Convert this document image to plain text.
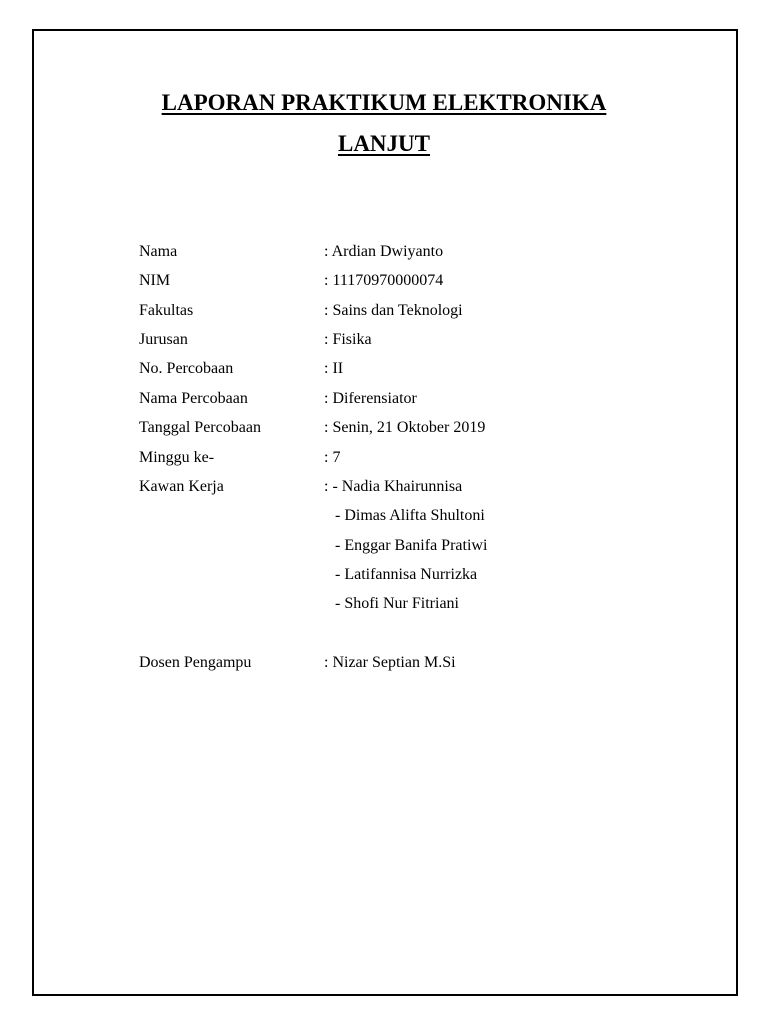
LAPORAN PRAKTIKUM ELEKTRONIKA
LANJUT
Nama	: Ardian Dwiyanto
NIM	: 11170970000074
Fakultas	: Sains dan Teknologi
Jurusan	: Fisika
No. Percobaan	: II
Nama Percobaan	: Diferensiator
Tanggal Percobaan	: Senin, 21 Oktober 2019
Minggu ke-	: 7
Kawan Kerja	: - Nadia Khairunnisa
- Dimas Alifta Shultoni
- Enggar Banifa Pratiwi
- Latifannisa Nurrizka
- Shofi Nur Fitriani
Dosen Pengampu	: Nizar Septian M.Si
